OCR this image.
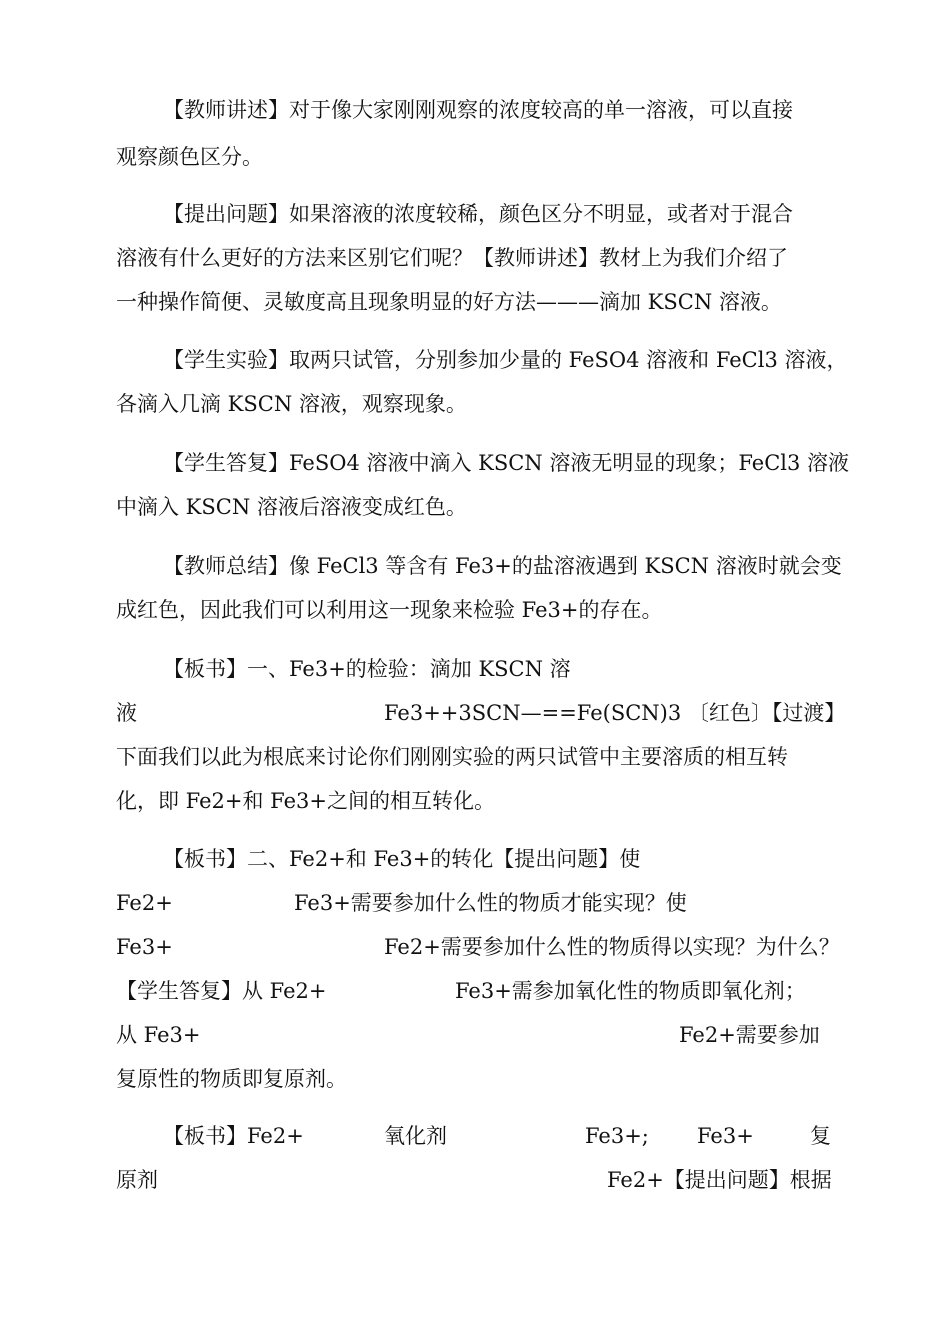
【教师讲述】对于像大家刚刚观察的浓度较高的单一溶液，可以直接
观察颜色区分。
【提出问题】如果溶液的浓度较稀，颜色区分不明显，或者对于混合
溶液有什么更好的方法来区别它们呢？【教师讲述】教材上为我们介绍了
一种操作简便、灵敏度高且现象明显的好方法———滴加 KSCN 溶液。
【学生实验】取两只试管，分别参加少量的 FeSO4 溶液和 FeCl3 溶液，
各滴入几滴 KSCN 溶液，观察现象。
【学生答复】FeSO4 溶液中滴入 KSCN 溶液无明显的现象；FeCl3 溶液
中滴入 KSCN 溶液后溶液变成红色。
【教师总结】像 FeCl3 等含有 Fe3+的盐溶液遇到 KSCN 溶液时就会变
成红色，因此我们可以利用这一现象来检验 Fe3+的存在。
【板书】一、Fe3+的检验：滴加 KSCN 溶
液	Fe3++3SCN—==Fe(SCN)3 〔红色〕【过渡】
下面我们以此为根底来讨论你们刚刚实验的两只试管中主要溶质的相互转
化，即 Fe2+和 Fe3+之间的相互转化。
【板书】二、Fe2+和 Fe3+的转化【提出问题】使
Fe2+	Fe3+需要参加什么性的物质才能实现？使
Fe3+	Fe2+需要参加什么性的物质得以实现？为什么？
【学生答复】从 Fe2+	Fe3+需参加氧化性的物质即氧化剂；
从 Fe3+	Fe2+需要参加
复原性的物质即复原剂。
【板书】Fe2+	氧化剂	Fe3+; Fe3+	复
原剂	Fe2+【提出问题】根据
